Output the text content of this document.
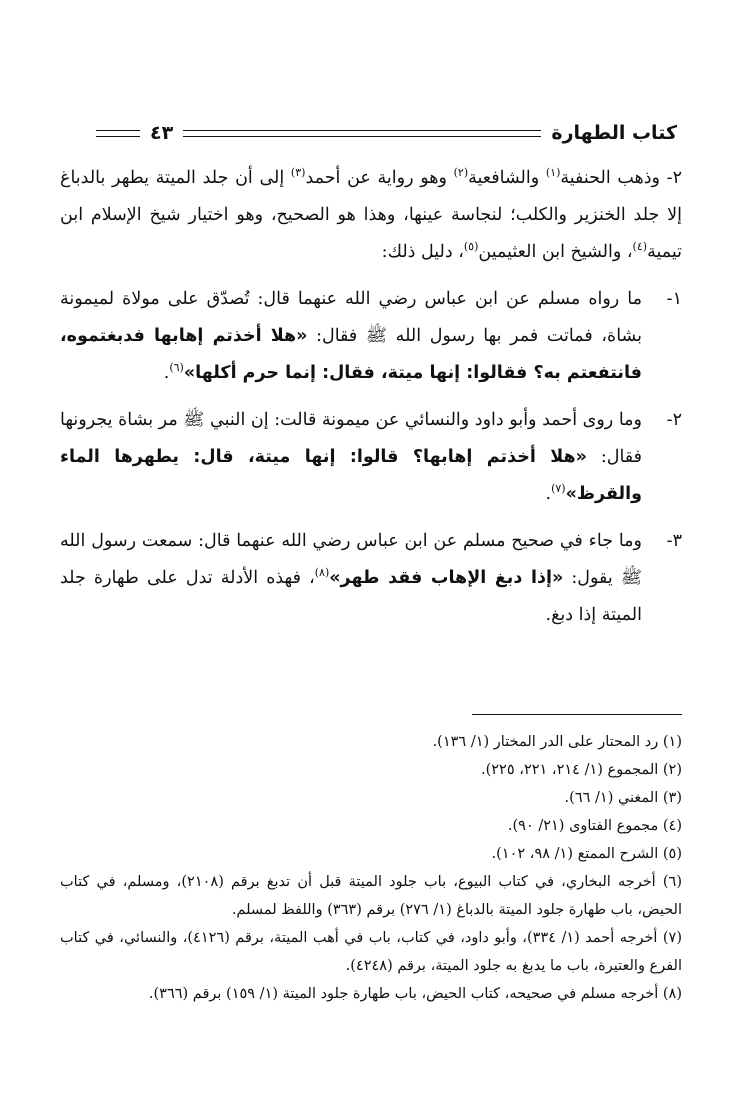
كتاب الطهارة
٤٣

٢- وذهب الحنفية$^{(١)}$ والشافعية$^{(٢)}$ وهو رواية عن أحمد$^{(٣)}$ إلى أن جلد الميتة يطهر بالدباغ إلا جلد الخنزير والكلب؛ لنجاسة عينها، وهذا هو الصحيح، وهو اختيار شيخ الإسلام ابن تيمية$^{(٤)}$، والشيخ ابن العثيمين$^{(٥)}$، دليل ذلك:

١-

ما رواه مسلم عن ابن عباس رضي الله عنهما قال: تُصدّق على مولاة لميمونة بشاة، فماتت فمر بها رسول الله ﷺ فقال: «هلا أخذتم إهابها فدبغتموه، فانتفعتم به؟ فقالوا: إنها ميتة، فقال: إنما حرم أكلها»$^{(٦)}$.

٢-

وما روى أحمد وأبو داود والنسائي عن ميمونة قالت: إن النبي ﷺ مر بشاة يجرونها فقال: «هلا أخذتم إهابها؟ قالوا: إنها ميتة، قال: يطهرها الماء والقرظ»$^{(٧)}$.

٣-

وما جاء في صحيح مسلم عن ابن عباس رضي الله عنهما قال: سمعت رسول الله ﷺ يقول: «إذا دبغ الإهاب فقد طهر»$^{(٨)}$، فهذه الأدلة تدل على طهارة جلد الميتة إذا دبغ.

(١) رد المحتار على الدر المختار (١/ ١٣٦).

(٢) المجموع (١/ ٢١٤، ٢٢١، ٢٢٥).

(٣) المغني (١/ ٦٦).

(٤) مجموع الفتاوى (٢١/ ٩٠).

(٥) الشرح الممتع (١/ ٩٨، ١٠٢).

(٦) أخرجه البخاري، في كتاب البيوع، باب جلود الميتة قبل أن تدبغ برقم (٢١٠٨)، ومسلم، في كتاب الحيض، باب طهارة جلود الميتة بالدباغ (١/ ٢٧٦) برقم (٣٦٣) واللفظ لمسلم.

(٧) أخرجه أحمد (١/ ٣٣٤)، وأبو داود، في كتاب، باب في أهب الميتة، برقم (٤١٢٦)، والنسائي، في كتاب الفرع والعتيرة، باب ما يدبغ به جلود الميتة، برقم (٤٢٤٨).

(٨) أخرجه مسلم في صحيحه، كتاب الحيض، باب طهارة جلود الميتة (١/ ١٥٩) برقم (٣٦٦).
